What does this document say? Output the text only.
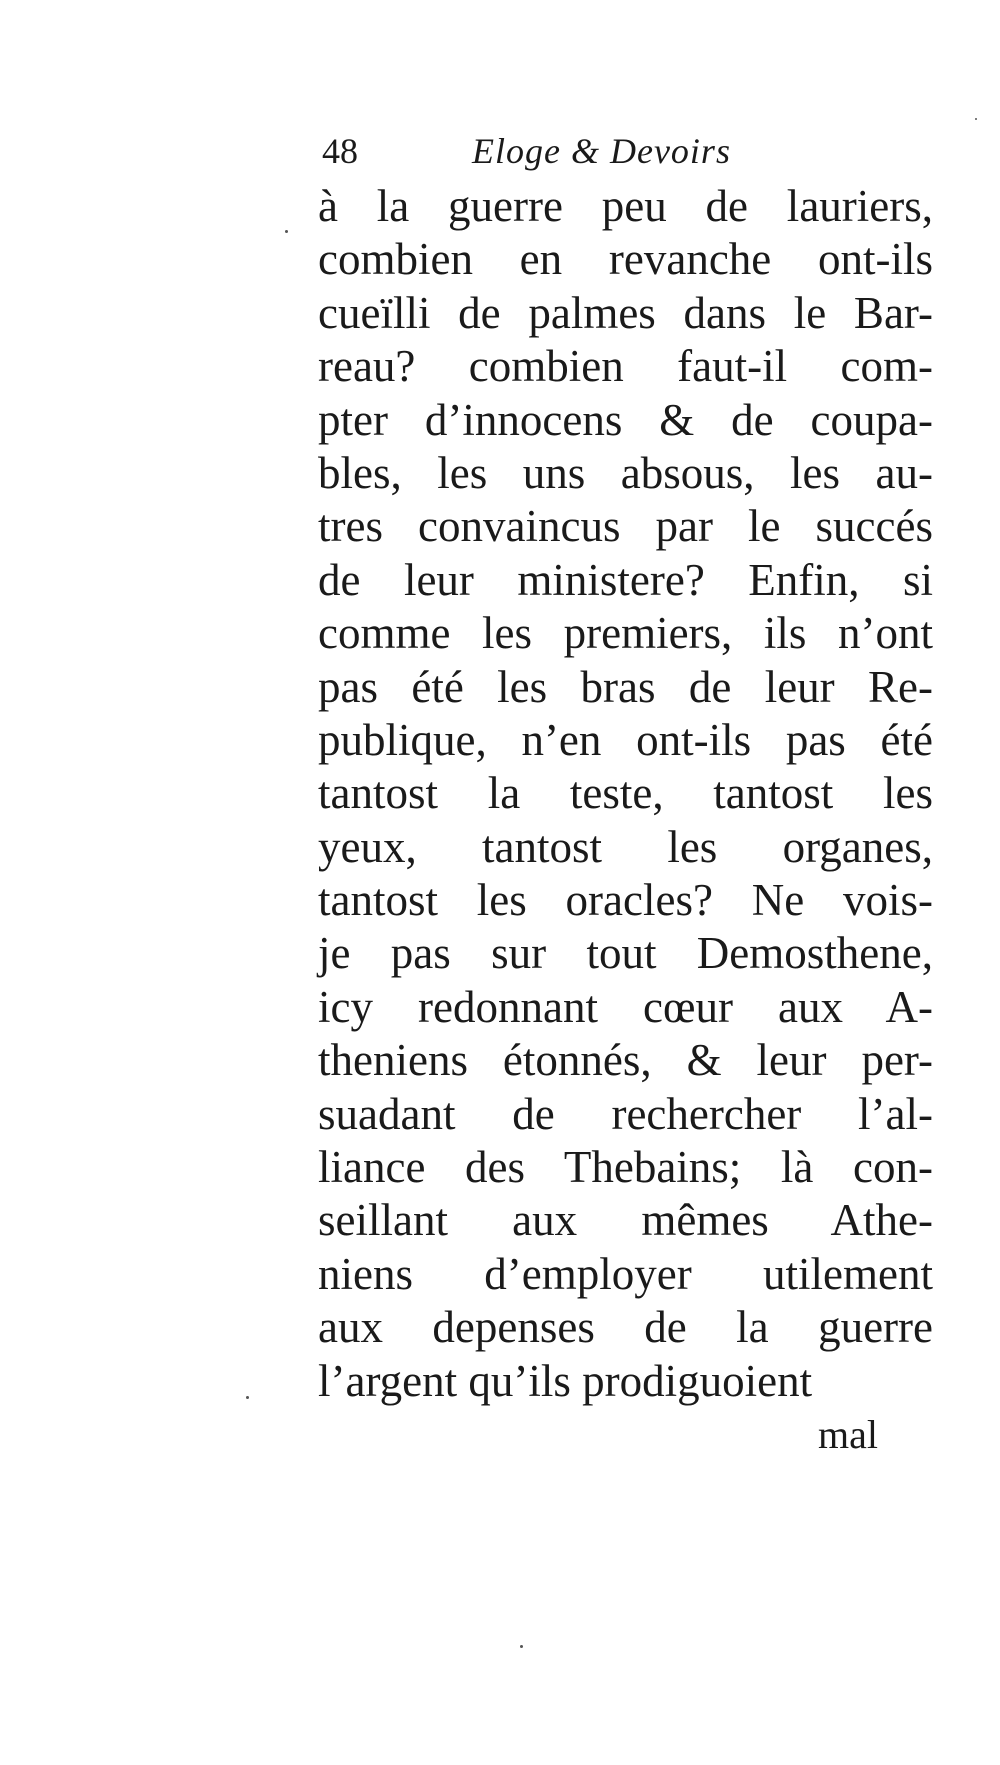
48	Eloge & Devoirs
à la guerre peu de lauriers,
combien en revanche ont-ils
cueïlli de palmes dans le Bar-
reau? combien faut-il com-
pter d’innocens & de coupa-
bles, les uns absous, les au-
tres convaincus par le succés
de leur ministere? Enfin, si
comme les premiers, ils n’ont
pas été les bras de leur Re-
publique, n’en ont-ils pas été
tantost la teste, tantost les
yeux, tantost les organes,
tantost les oracles? Ne vois-
je pas sur tout Demosthene,
icy redonnant cœur aux A-
theniens étonnés, & leur per-
suadant de rechercher l’al-
liance des Thebains; là con-
seillant aux mêmes Athe-
niens d’employer utilement
aux depenses de la guerre
l’argent qu’ils prodiguoient
mal
